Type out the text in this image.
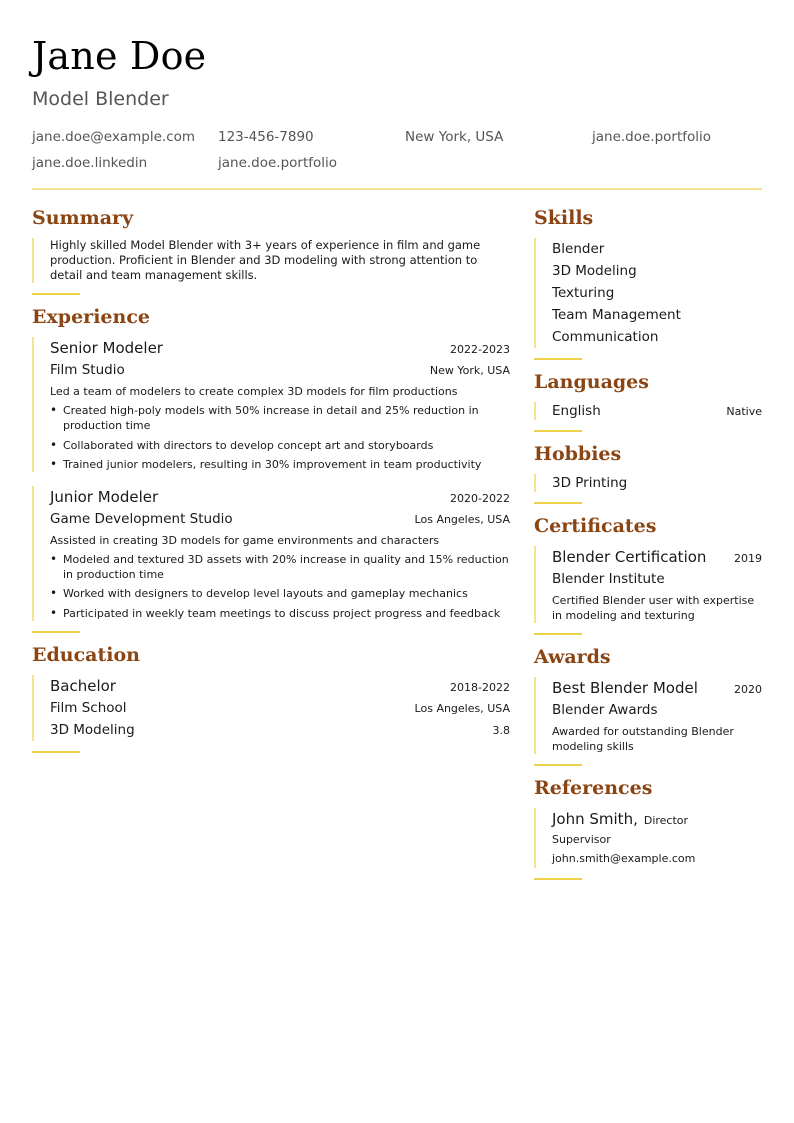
Jane Doe
Model Blender
jane.doe@example.com	123-456-7890	New York, USA	jane.doe.portfolio
jane.doe.linkedin	jane.doe.portfolio
Summary

Highly skilled Model Blender with 3+ years of experience in film and game production. Proficient in Blender and 3D modeling with strong attention to detail and team management skills.

Experience
Senior Modeler	2022-2023
Film Studio	New York, USA
Led a team of modelers to create complex 3D models for film productions
• Created high-poly models with 50% increase in detail and 25% reduction in production time
• Collaborated with directors to develop concept art and storyboards
• Trained junior modelers, resulting in 30% improvement in team productivity
Junior Modeler	2020-2022
Game Development Studio	Los Angeles, USA
Assisted in creating 3D models for game environments and characters
• Modeled and textured 3D assets with 20% increase in quality and 15% reduction in production time
• Worked with designers to develop level layouts and gameplay mechanics
• Participated in weekly team meetings to discuss project progress and feedback
Education
Bachelor	2018-2022
Film School	Los Angeles, USA
3D Modeling	3.8
Skills
Blender
3D Modeling
Texturing
Team Management
Communication
Languages
English	Native
Hobbies
3D Printing
Certificates
Blender Certification	2019
Blender Institute
Certified Blender user with expertise in modeling and texturing
Awards
Best Blender Model	2020
Blender Awards
Awarded for outstanding Blender modeling skills
References
John Smith, Director
Supervisor
john.smith@example.com
